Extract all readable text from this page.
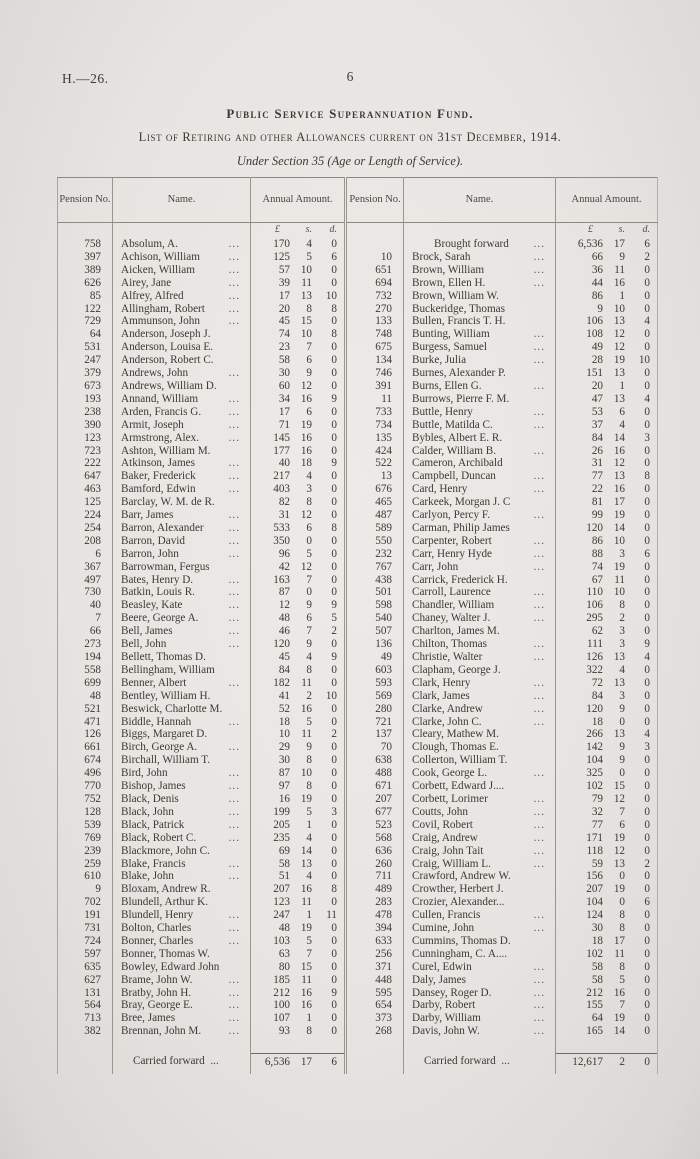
H.—26.	6
Public Service Superannuation Fund.
List of Retiring and other Allowances current on 31st December, 1914.
Under Section 35 (Age or Length of Service).
Pension No.	Name.	Annual Amount.	Pension No.	Name.	Annual Amount.

		£ s. d.			£ s. d.

758	Absolum, A. ...	170 4 0		Brought forward ...	6,536 17 6

397	Achison, William ...	125 5 6	10	Brock, Sarah ...	66 9 2

389	Aicken, William ...	57 10 0	651	Brown, William ...	36 11 0

626	Airey, Jane ...	39 11 0	694	Brown, Ellen H. ...	44 16 0

85	Alfrey, Alfred ...	17 13 10	732	Brown, William W.	86 1 0

122	Allingham, Robert ...	20 8 8	270	Buckeridge, Thomas	9 10 0

729	Ammunson, John ...	45 15 0	133	Bullen, Francis T. H.	106 13 4

64	Anderson, Joseph J.	74 10 8	748	Bunting, William ...	108 12 0

531	Anderson, Louisa E.	23 7 0	675	Burgess, Samuel ...	49 12 0

247	Anderson, Robert C.	58 6 0	134	Burke, Julia ...	28 19 10

379	Andrews, John ...	30 9 0	746	Burnes, Alexander P.	151 13 0

673	Andrews, William D.	60 12 0	391	Burns, Ellen G. ...	20 1 0

193	Annand, William ...	34 16 9	11	Burrows, Pierre F. M.	47 13 4

238	Arden, Francis G. ...	17 6 0	733	Buttle, Henry ...	53 6 0

390	Armit, Joseph ...	71 19 0	734	Buttle, Matilda C. ...	37 4 0

123	Armstrong, Alex. ...	145 16 0	135	Bybles, Albert E. R.	84 14 3

723	Ashton, William M.	177 16 0	424	Calder, William B. ...	26 16 0

222	Atkinson, James ...	40 18 9	522	Cameron, Archibald	31 12 0

647	Baker, Frederick ...	217 4 0	13	Campbell, Duncan ...	77 13 8

463	Bamford, Edwin ...	403 3 0	676	Card, Henry ...	22 16 0

125	Barclay, W. M. de R.	82 8 0	465	Carkeek, Morgan J. C	81 17 0

224	Barr, James ...	31 12 0	487	Carlyon, Percy F. ...	99 19 0

254	Barron, Alexander ...	533 6 8	589	Carman, Philip James	120 14 0

208	Barron, David ...	350 0 0	550	Carpenter, Robert ...	86 10 0

6	Barron, John ...	96 5 0	232	Carr, Henry Hyde ...	88 3 6

367	Barrowman, Fergus	42 12 0	767	Carr, John ...	74 19 0

497	Bates, Henry D. ...	163 7 0	438	Carrick, Frederick H.	67 11 0

730	Batkin, Louis R. ...	87 0 0	501	Carroll, Laurence ...	110 10 0

40	Beasley, Kate ...	12 9 9	598	Chandler, William ...	106 8 0

7	Beere, George A. ...	48 6 5	540	Chaney, Walter J. ...	295 2 0

66	Bell, James ...	46 7 2	507	Charlton, James M.	62 3 0

273	Bell, John ...	120 9 0	136	Chilton, Thomas ...	111 3 9

194	Bellett, Thomas D.	45 4 9	49	Christie, Walter ...	126 13 4

558	Bellingham, William	84 8 0	603	Clapham, George J.	322 4 0

699	Benner, Albert ...	182 11 0	593	Clark, Henry ...	72 13 0

48	Bentley, William H.	41 2 10	569	Clark, James ...	84 3 0

521	Beswick, Charlotte M.	52 16 0	280	Clarke, Andrew ...	120 9 0

471	Biddle, Hannah ...	18 5 0	721	Clarke, John C. ...	18 0 0

126	Biggs, Margaret D.	10 11 2	137	Cleary, Mathew M.	266 13 4

661	Birch, George A. ...	29 9 0	70	Clough, Thomas E.	142 9 3

674	Birchall, William T.	30 8 0	638	Collerton, William T.	104 9 0

496	Bird, John ...	87 10 0	488	Cook, George L. ...	325 0 0

770	Bishop, James ...	97 8 0	671	Corbett, Edward J....	102 15 0

752	Black, Denis ...	16 19 0	207	Corbett, Lorimer ...	79 12 0

128	Black, John ...	199 5 3	677	Coutts, John ...	32 7 0

539	Black, Patrick ...	205 1 0	523	Covil, Robert ...	77 6 0

769	Black, Robert C. ...	235 4 0	568	Craig, Andrew ...	171 19 0

239	Blackmore, John C.	69 14 0	636	Craig, John Tait ...	118 12 0

259	Blake, Francis ...	58 13 0	260	Craig, William L. ...	59 13 2

610	Blake, John ...	51 4 0	711	Crawford, Andrew W.	156 0 0

9	Bloxam, Andrew R.	207 16 8	489	Crowther, Herbert J.	207 19 0

702	Blundell, Arthur K.	123 11 0	283	Crozier, Alexander...	104 0 6

191	Blundell, Henry ...	247 1 11	478	Cullen, Francis ...	124 8 0

731	Bolton, Charles ...	48 19 0	394	Cumine, John ...	30 8 0

724	Bonner, Charles ...	103 5 0	633	Cummins, Thomas D.	18 17 0

597	Bonner, Thomas W.	63 7 0	256	Cunningham, C. A....	102 11 0

635	Bowley, Edward John	80 15 0	371	Curel, Edwin ...	58 8 0

627	Brame, John W. ...	185 11 0	448	Daly, James ...	58 5 0

131	Bratby, John H. ...	212 16 9	595	Dansey, Roger D. ...	212 16 0

564	Bray, George E. ...	100 16 0	654	Darby, Robert ...	155 7 0

713	Bree, James ...	107 1 0	373	Darby, William ...	64 19 0

382	Brennan, John M. ...	93 8 0	268	Davis, John W. ...	165 14 0

	Carried forward ...	6,536 17 6		Carried forward ...	12,617 2 0
